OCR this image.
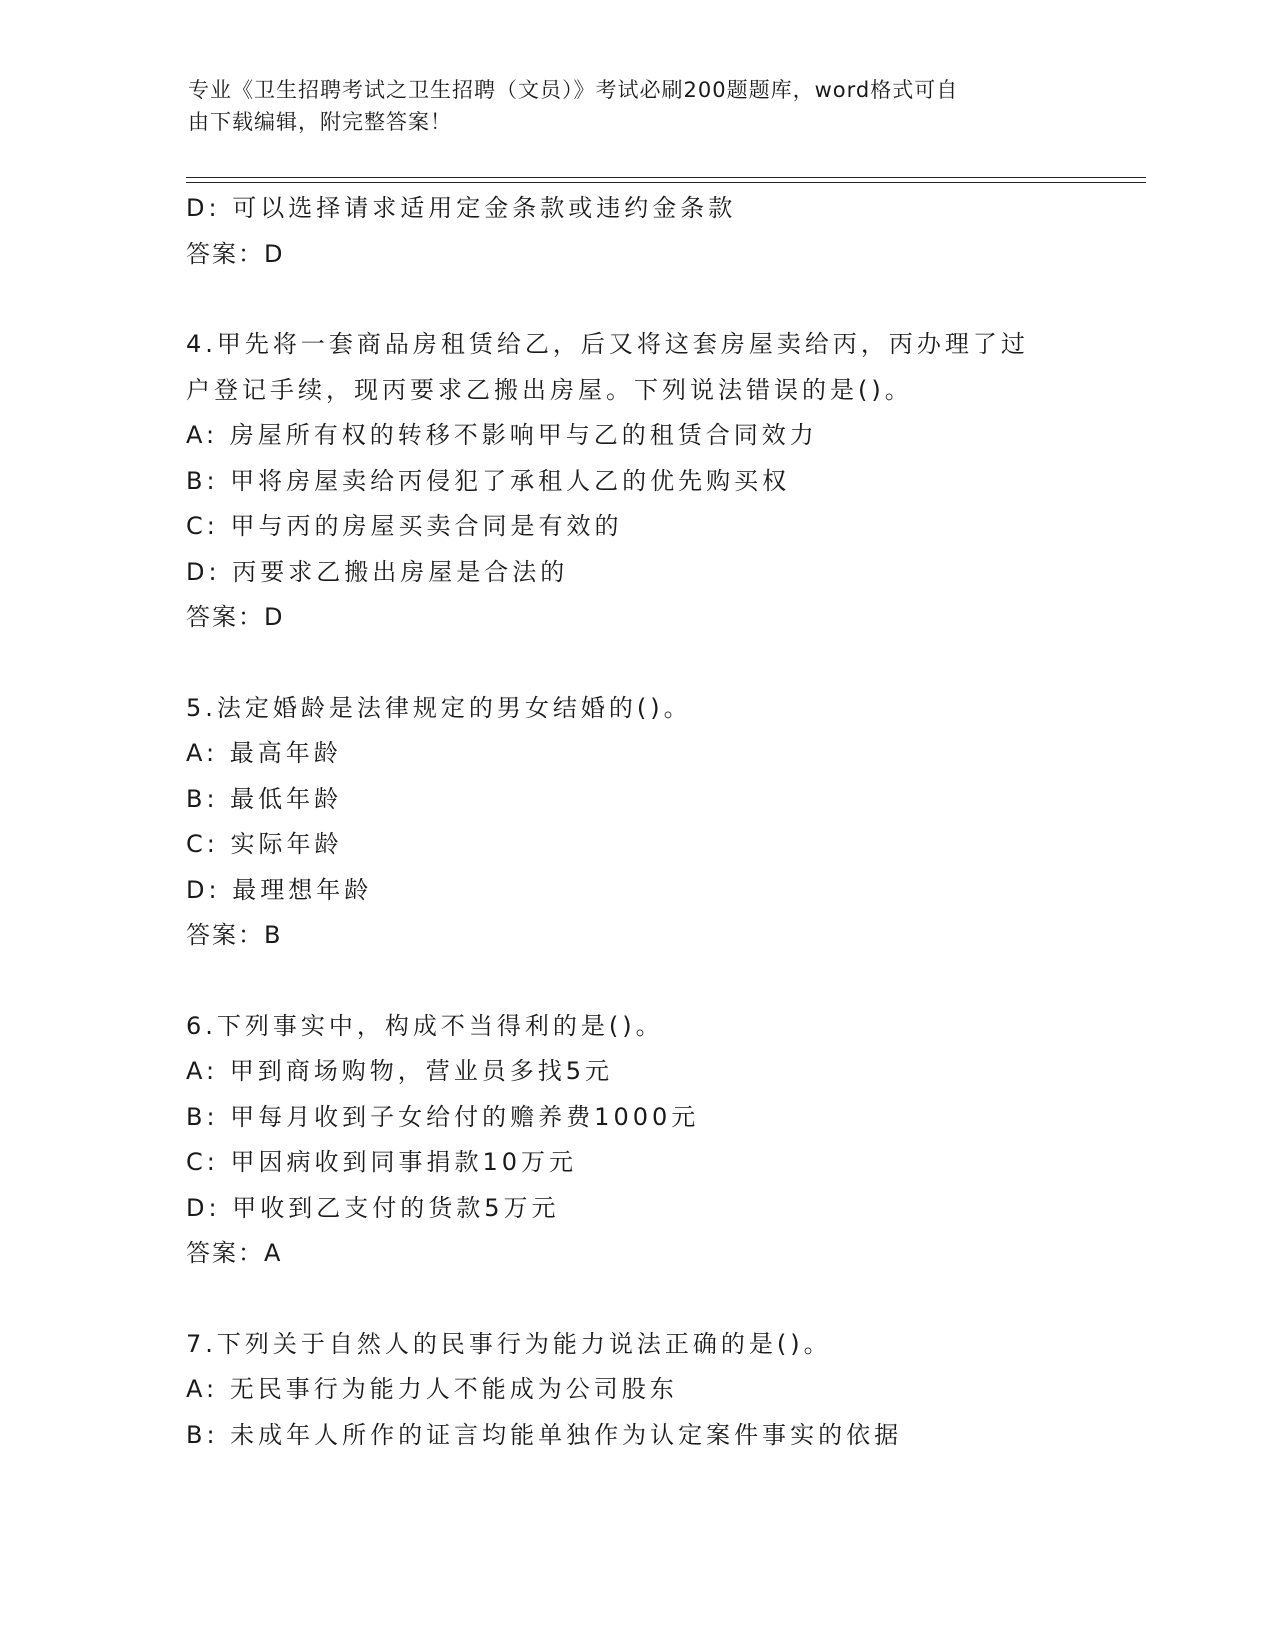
专业《卫生招聘考试之卫生招聘（文员）》考试必刷200题题库，word格式可自
由下载编辑，附完整答案！
D: 可以选择请求适用定金条款或违约金条款
答案：D
4.甲先将一套商品房租赁给乙，后又将这套房屋卖给丙，丙办理了过
户登记手续，现丙要求乙搬出房屋。下列说法错误的是()。
A: 房屋所有权的转移不影响甲与乙的租赁合同效力
B: 甲将房屋卖给丙侵犯了承租人乙的优先购买权
C: 甲与丙的房屋买卖合同是有效的
D: 丙要求乙搬出房屋是合法的
答案：D
5.法定婚龄是法律规定的男女结婚的()。
A: 最高年龄
B: 最低年龄
C: 实际年龄
D: 最理想年龄
答案：B
6.下列事实中，构成不当得利的是()。
A: 甲到商场购物，营业员多找5元
B: 甲每月收到子女给付的赡养费1000元
C: 甲因病收到同事捐款10万元
D: 甲收到乙支付的货款5万元
答案：A
7.下列关于自然人的民事行为能力说法正确的是()。
A: 无民事行为能力人不能成为公司股东
B: 未成年人所作的证言均能单独作为认定案件事实的依据
